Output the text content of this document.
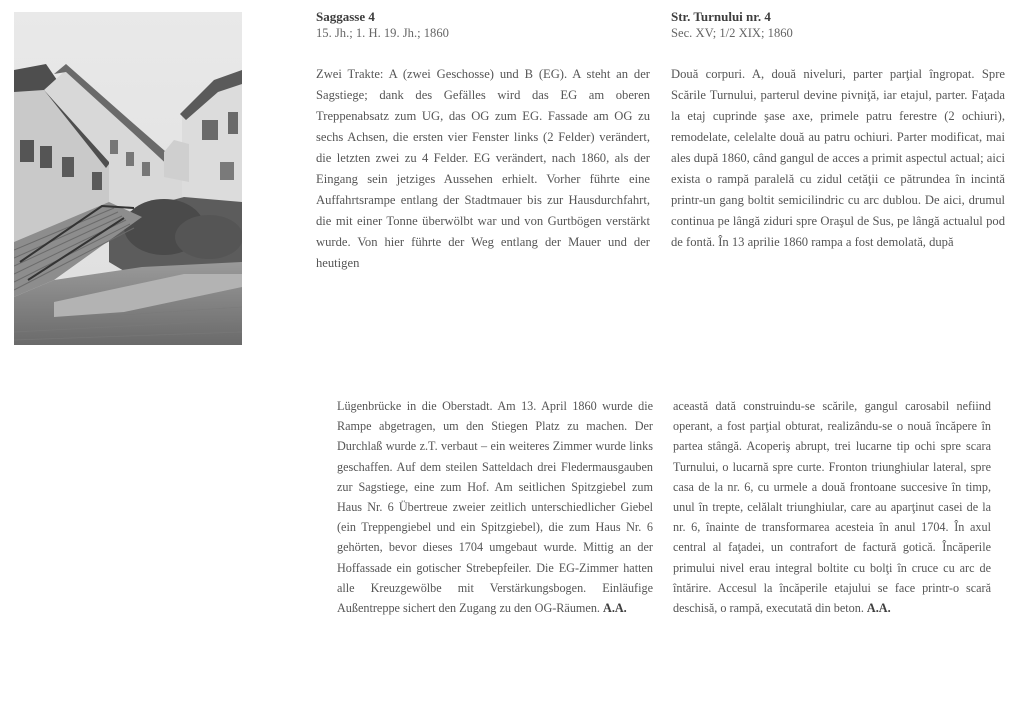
Saggasse 4
15. Jh.; 1. H. 19. Jh.; 1860

Zwei Trakte: A (zwei Geschosse) und B (EG). A steht an der Sagstiege; dank des Gefälles wird das EG am oberen Treppenabsatz zum UG, das OG zum EG. Fassade am OG zu sechs Achsen, die ersten vier Fenster links (2 Felder) verändert, die letzten zwei zu 4 Felder. EG verändert, nach 1860, als der Eingang sein jetziges Aussehen erhielt. Vorher führte eine Auffahrtsrampe entlang der Stadtmauer bis zur Hausdurchfahrt, die mit einer Tonne überwölbt war und von Gurtbögen verstärkt wurde. Von hier führte der Weg entlang der Mauer und der heutigen

Str. Turnului nr. 4
Sec. XV; 1/2 XIX; 1860

Două corpuri. A, două niveluri, parter parţial îngropat. Spre Scările Turnului, parterul devine pivniţă, iar etajul, parter. Faţada la etaj cuprinde şase axe, primele patru ferestre (2 ochiuri), remodelate, celelalte două au patru ochiuri. Parter modificat, mai ales după 1860, când gangul de acces a primit aspectul actual; aici exista o rampă paralelă cu zidul cetăţii ce pătrundea în incintă printr-un gang boltit semicilindric cu arc dublou. De aici, drumul continua pe lângă ziduri spre Oraşul de Sus, pe lângă actualul pod de fontă. În 13 aprilie 1860 rampa a fost demolată, după

Lügenbrücke in die Oberstadt. Am 13. April 1860 wurde die Rampe abgetragen, um den Stiegen Platz zu machen. Der Durchlaß wurde z.T. verbaut – ein weiteres Zimmer wurde links geschaffen. Auf dem steilen Satteldach drei Fledermausgauben zur Sagstiege, eine zum Hof. Am seitlichen Spitzgiebel zum Haus Nr. 6 Übertreue zweier zeitlich unterschiedlicher Giebel (ein Treppengiebel und ein Spitzgiebel), die zum Haus Nr. 6 gehörten, bevor dieses 1704 umgebaut wurde. Mittig an der Hoffassade ein gotischer Strebepfeiler. Die EG-Zimmer hatten alle Kreuzgewölbe mit Verstärkungsbogen. Einläufige Außentreppe sichert den Zugang zu den OG-Räumen. A.A.

această dată construindu-se scările, gangul carosabil nefiind operant, a fost parţial obturat, realizându-se o nouă încăpere în partea stângă. Acoperiş abrupt, trei lucarne tip ochi spre scara Turnului, o lucarnă spre curte. Fronton triunghiular lateral, spre casa de la nr. 6, cu urmele a două frontoane succesive în timp, unul în trepte, celălalt triunghiular, care au aparţinut casei de la nr. 6, înainte de transformarea acesteia în anul 1704. În axul central al faţadei, un contrafort de factură gotică. Încăperile primului nivel erau integral boltite cu bolţi în cruce cu arc de întărire. Accesul la încăperile etajului se face printr-o scară deschisă, o rampă, executată din beton. A.A.
